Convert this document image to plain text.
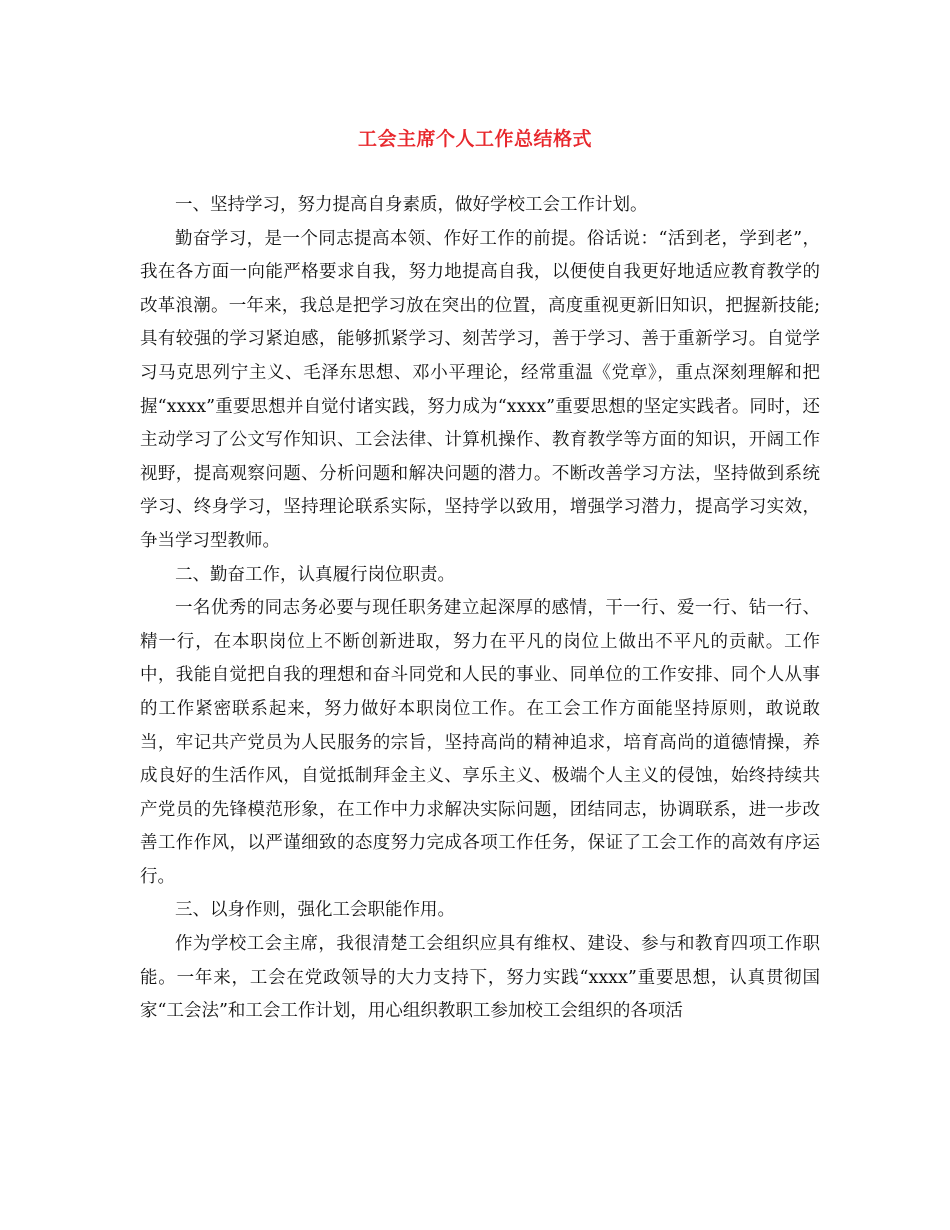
工会主席个人工作总结格式

一、坚持学习，努力提高自身素质，做好学校工会工作计划。

勤奋学习，是一个同志提高本领、作好工作的前提。俗话说：“活到老，学到老”，我在各方面一向能严格要求自我，努力地提高自我，以便使自我更好地适应教育教学的改革浪潮。一年来，我总是把学习放在突出的位置，高度重视更新旧知识，把握新技能;具有较强的学习紧迫感，能够抓紧学习、刻苦学习，善于学习、善于重新学习。自觉学习马克思列宁主义、毛泽东思想、邓小平理论，经常重温《党章》，重点深刻理解和把握“xxxx”重要思想并自觉付诸实践，努力成为“xxxx”重要思想的坚定实践者。同时，还主动学习了公文写作知识、工会法律、计算机操作、教育教学等方面的知识，开阔工作视野，提高观察问题、分析问题和解决问题的潜力。不断改善学习方法，坚持做到系统学习、终身学习，坚持理论联系实际，坚持学以致用，增强学习潜力，提高学习实效，争当学习型教师。

二、勤奋工作，认真履行岗位职责。

一名优秀的同志务必要与现任职务建立起深厚的感情，干一行、爱一行、钻一行、精一行，在本职岗位上不断创新进取，努力在平凡的岗位上做出不平凡的贡献。工作中，我能自觉把自我的理想和奋斗同党和人民的事业、同单位的工作安排、同个人从事的工作紧密联系起来，努力做好本职岗位工作。在工会工作方面能坚持原则，敢说敢当，牢记共产党员为人民服务的宗旨，坚持高尚的精神追求，培育高尚的道德情操，养成良好的生活作风，自觉抵制拜金主义、享乐主义、极端个人主义的侵蚀，始终持续共产党员的先锋模范形象，在工作中力求解决实际问题，团结同志，协调联系，进一步改善工作作风，以严谨细致的态度努力完成各项工作任务，保证了工会工作的高效有序运行。

三、以身作则，强化工会职能作用。

作为学校工会主席，我很清楚工会组织应具有维权、建设、参与和教育四项工作职能。一年来，工会在党政领导的大力支持下，努力实践“xxxx”重要思想，认真贯彻国家“工会法”和工会工作计划，用心组织教职工参加校工会组织的各项活
